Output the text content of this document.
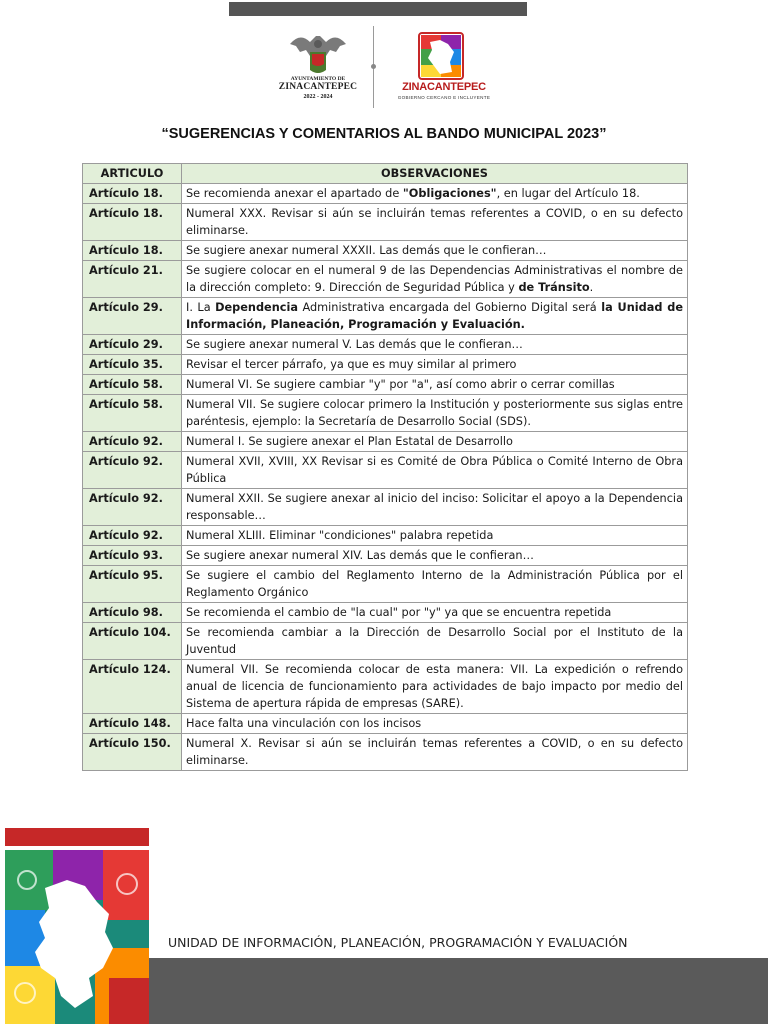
AYUNTAMIENTO DE
ZINACANTEPEC
2022 - 2024
ZINACANTEPEC
GOBIERNO CERCANO E INCLUYENTE
“SUGERENCIAS Y COMENTARIOS AL BANDO MUNICIPAL 2023”
ARTICULO	OBSERVACIONES
Artículo 18.	Se recomienda anexar el apartado de "Obligaciones", en lugar del Artículo 18.
Artículo 18.	Numeral XXX. Revisar si aún se incluirán temas referentes a COVID, o en su defecto eliminarse.
Artículo 18.	Se sugiere anexar numeral XXXII. Las demás que le confieran…
Artículo 21.	Se sugiere colocar en el numeral 9 de las Dependencias Administrativas el nombre de la dirección completo: 9. Dirección de Seguridad Pública y de Tránsito.
Artículo 29.	I. La Dependencia Administrativa encargada del Gobierno Digital será la Unidad de Información, Planeación, Programación y Evaluación.
Artículo 29.	Se sugiere anexar numeral V. Las demás que le confieran…
Artículo 35.	Revisar el tercer párrafo, ya que es muy similar al primero
Artículo 58.	Numeral VI. Se sugiere cambiar "y" por "a", así como abrir o cerrar comillas
Artículo 58.	Numeral VII. Se sugiere colocar primero la Institución y posteriormente sus siglas entre paréntesis, ejemplo: la Secretaría de Desarrollo Social (SDS).
Artículo 92.	Numeral I. Se sugiere anexar el Plan Estatal de Desarrollo
Artículo 92.	Numeral XVII, XVIII, XX Revisar si es Comité de Obra Pública o Comité Interno de Obra Pública
Artículo 92.	Numeral XXII. Se sugiere anexar al inicio del inciso: Solicitar el apoyo a la Dependencia responsable…
Artículo 92.	Numeral XLIII. Eliminar "condiciones" palabra repetida
Artículo 93.	Se sugiere anexar numeral XIV. Las demás que le confieran…
Artículo 95.	Se sugiere el cambio del Reglamento Interno de la Administración Pública por el Reglamento Orgánico
Artículo 98.	Se recomienda el cambio de "la cual" por "y" ya que se encuentra repetida
Artículo 104.	Se recomienda cambiar a la Dirección de Desarrollo Social por el Instituto de la Juventud
Artículo 124.	Numeral VII. Se recomienda colocar de esta manera: VII. La expedición o refrendo anual de licencia de funcionamiento para actividades de bajo impacto por medio del Sistema de apertura rápida de empresas (SARE).
Artículo 148.	Hace falta una vinculación con los incisos
Artículo 150.	Numeral X. Revisar si aún se incluirán temas referentes a COVID, o en su defecto eliminarse.
UNIDAD DE INFORMACIÓN, PLANEACIÓN, PROGRAMACIÓN Y EVALUACIÓN
